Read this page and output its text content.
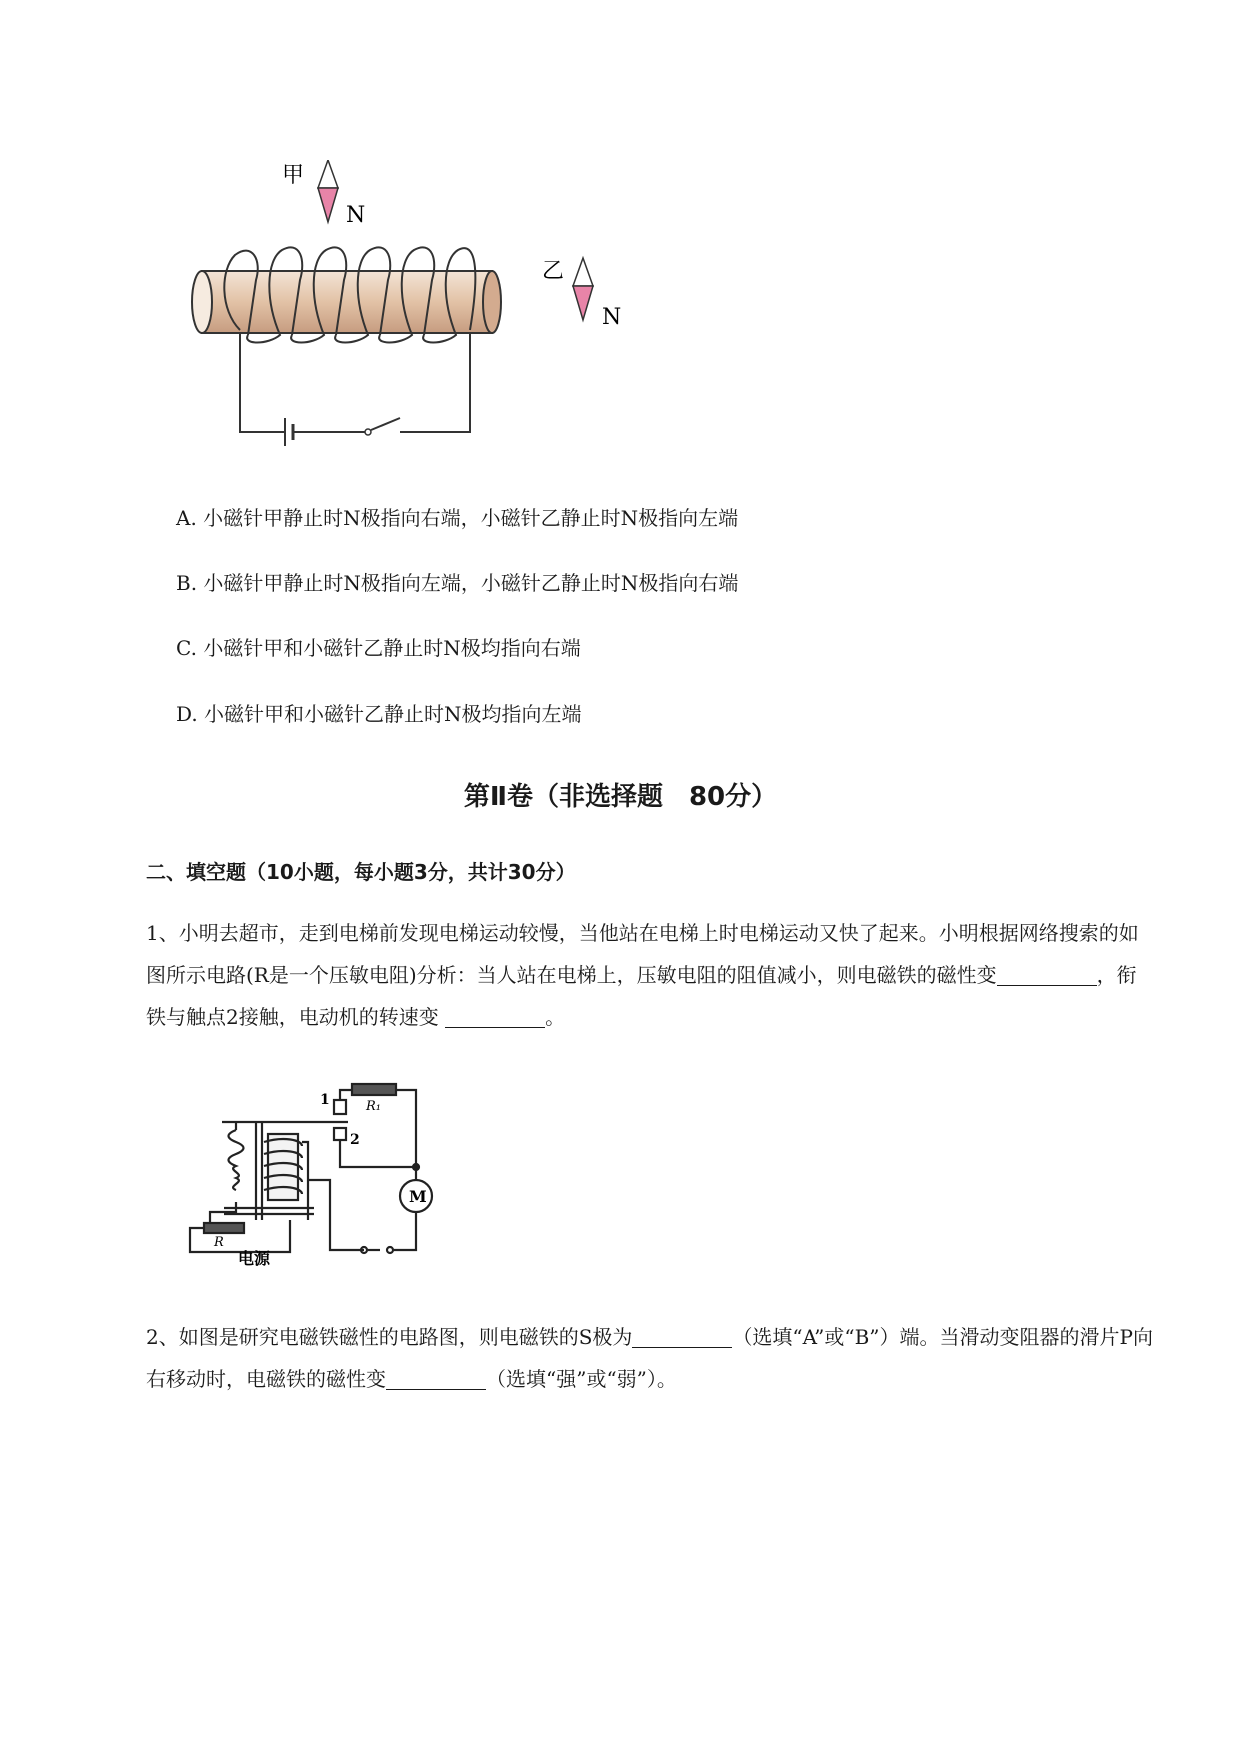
甲
N
乙
N
A. 小磁针甲静止时N极指向右端，小磁针乙静止时N极指向左端
B. 小磁针甲静止时N极指向左端，小磁针乙静止时N极指向右端
C. 小磁针甲和小磁针乙静止时N极均指向右端
D. 小磁针甲和小磁针乙静止时N极均指向左端
第Ⅱ卷（非选择题　80分）
二、填空题（10小题，每小题3分，共计30分）
1、小明去超市，走到电梯前发现电梯运动较慢，当他站在电梯上时电梯运动又快了起来。小明根据网络搜索的如图所示电路(R是一个压敏电阻)分析：当人站在电梯上，压敏电阻的阻值减小，则电磁铁的磁性变	，衔铁与触点2接触，电动机的转速变	。
1
2
R₁
R
M
电源
2、如图是研究电磁铁磁性的电路图，则电磁铁的S极为	（选填“A”或“B”）端。当滑动变阻器的滑片P向右移动时，电磁铁的磁性变	（选填“强”或“弱”）。
